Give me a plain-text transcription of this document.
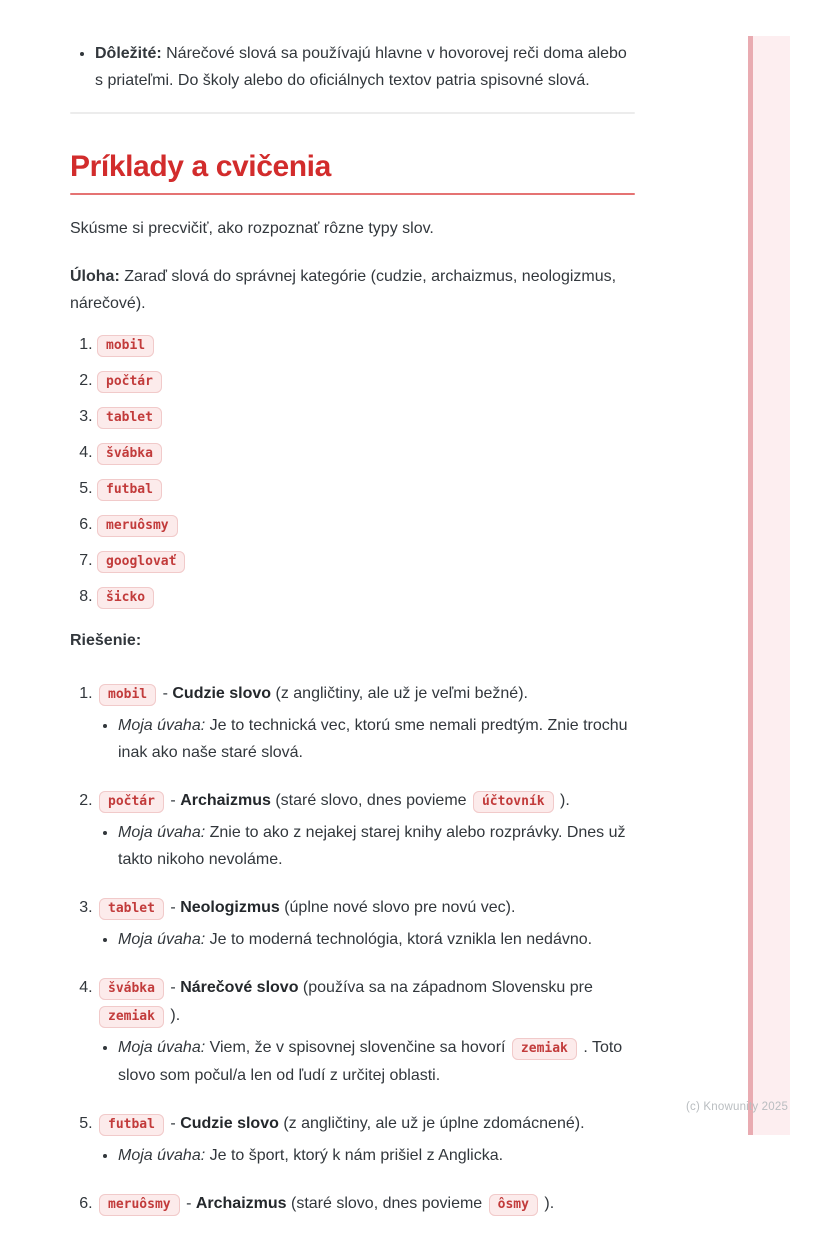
• Dôležité: Nárečové slová sa používajú hlavne v hovorovej reči doma alebo s priateľmi. Do školy alebo do oficiálnych textov patria spisovné slová.
Príklady a cvičenia

Skúsme si precvičiť, ako rozpoznať rôzne typy slov.

Úloha: Zaraď slová do správnej kategórie (cudzie, archaizmus, neologizmus, nárečové).

1. mobil
2. počtár
3. tablet
4. švábka
5. futbal
6. meruôsmy
7. googlovať
8. šicko

Riešenie:

1. mobil - Cudzie slovo (z angličtiny, ale už je veľmi bežné).
• Moja úvaha: Je to technická vec, ktorú sme nemali predtým. Znie trochu inak ako naše staré slová.
2. počtár - Archaizmus (staré slovo, dnes povieme účtovník ).
• Moja úvaha: Znie to ako z nejakej starej knihy alebo rozprávky. Dnes už takto nikoho nevoláme.
3. tablet - Neologizmus (úplne nové slovo pre novú vec).
• Moja úvaha: Je to moderná technológia, ktorá vznikla len nedávno.
4. švábka - Nárečové slovo (používa sa na západnom Slovensku pre zemiak ).
• Moja úvaha: Viem, že v spisovnej slovenčine sa hovorí zemiak . Toto slovo som počul/a len od ľudí z určitej oblasti.
5. futbal - Cudzie slovo (z angličtiny, ale už je úplne zdomácnené).
• Moja úvaha: Je to šport, ktorý k nám prišiel z Anglicka.
6. meruôsmy - Archaizmus (staré slovo, dnes povieme ôsmy ).
(c) Knowunity 2025
